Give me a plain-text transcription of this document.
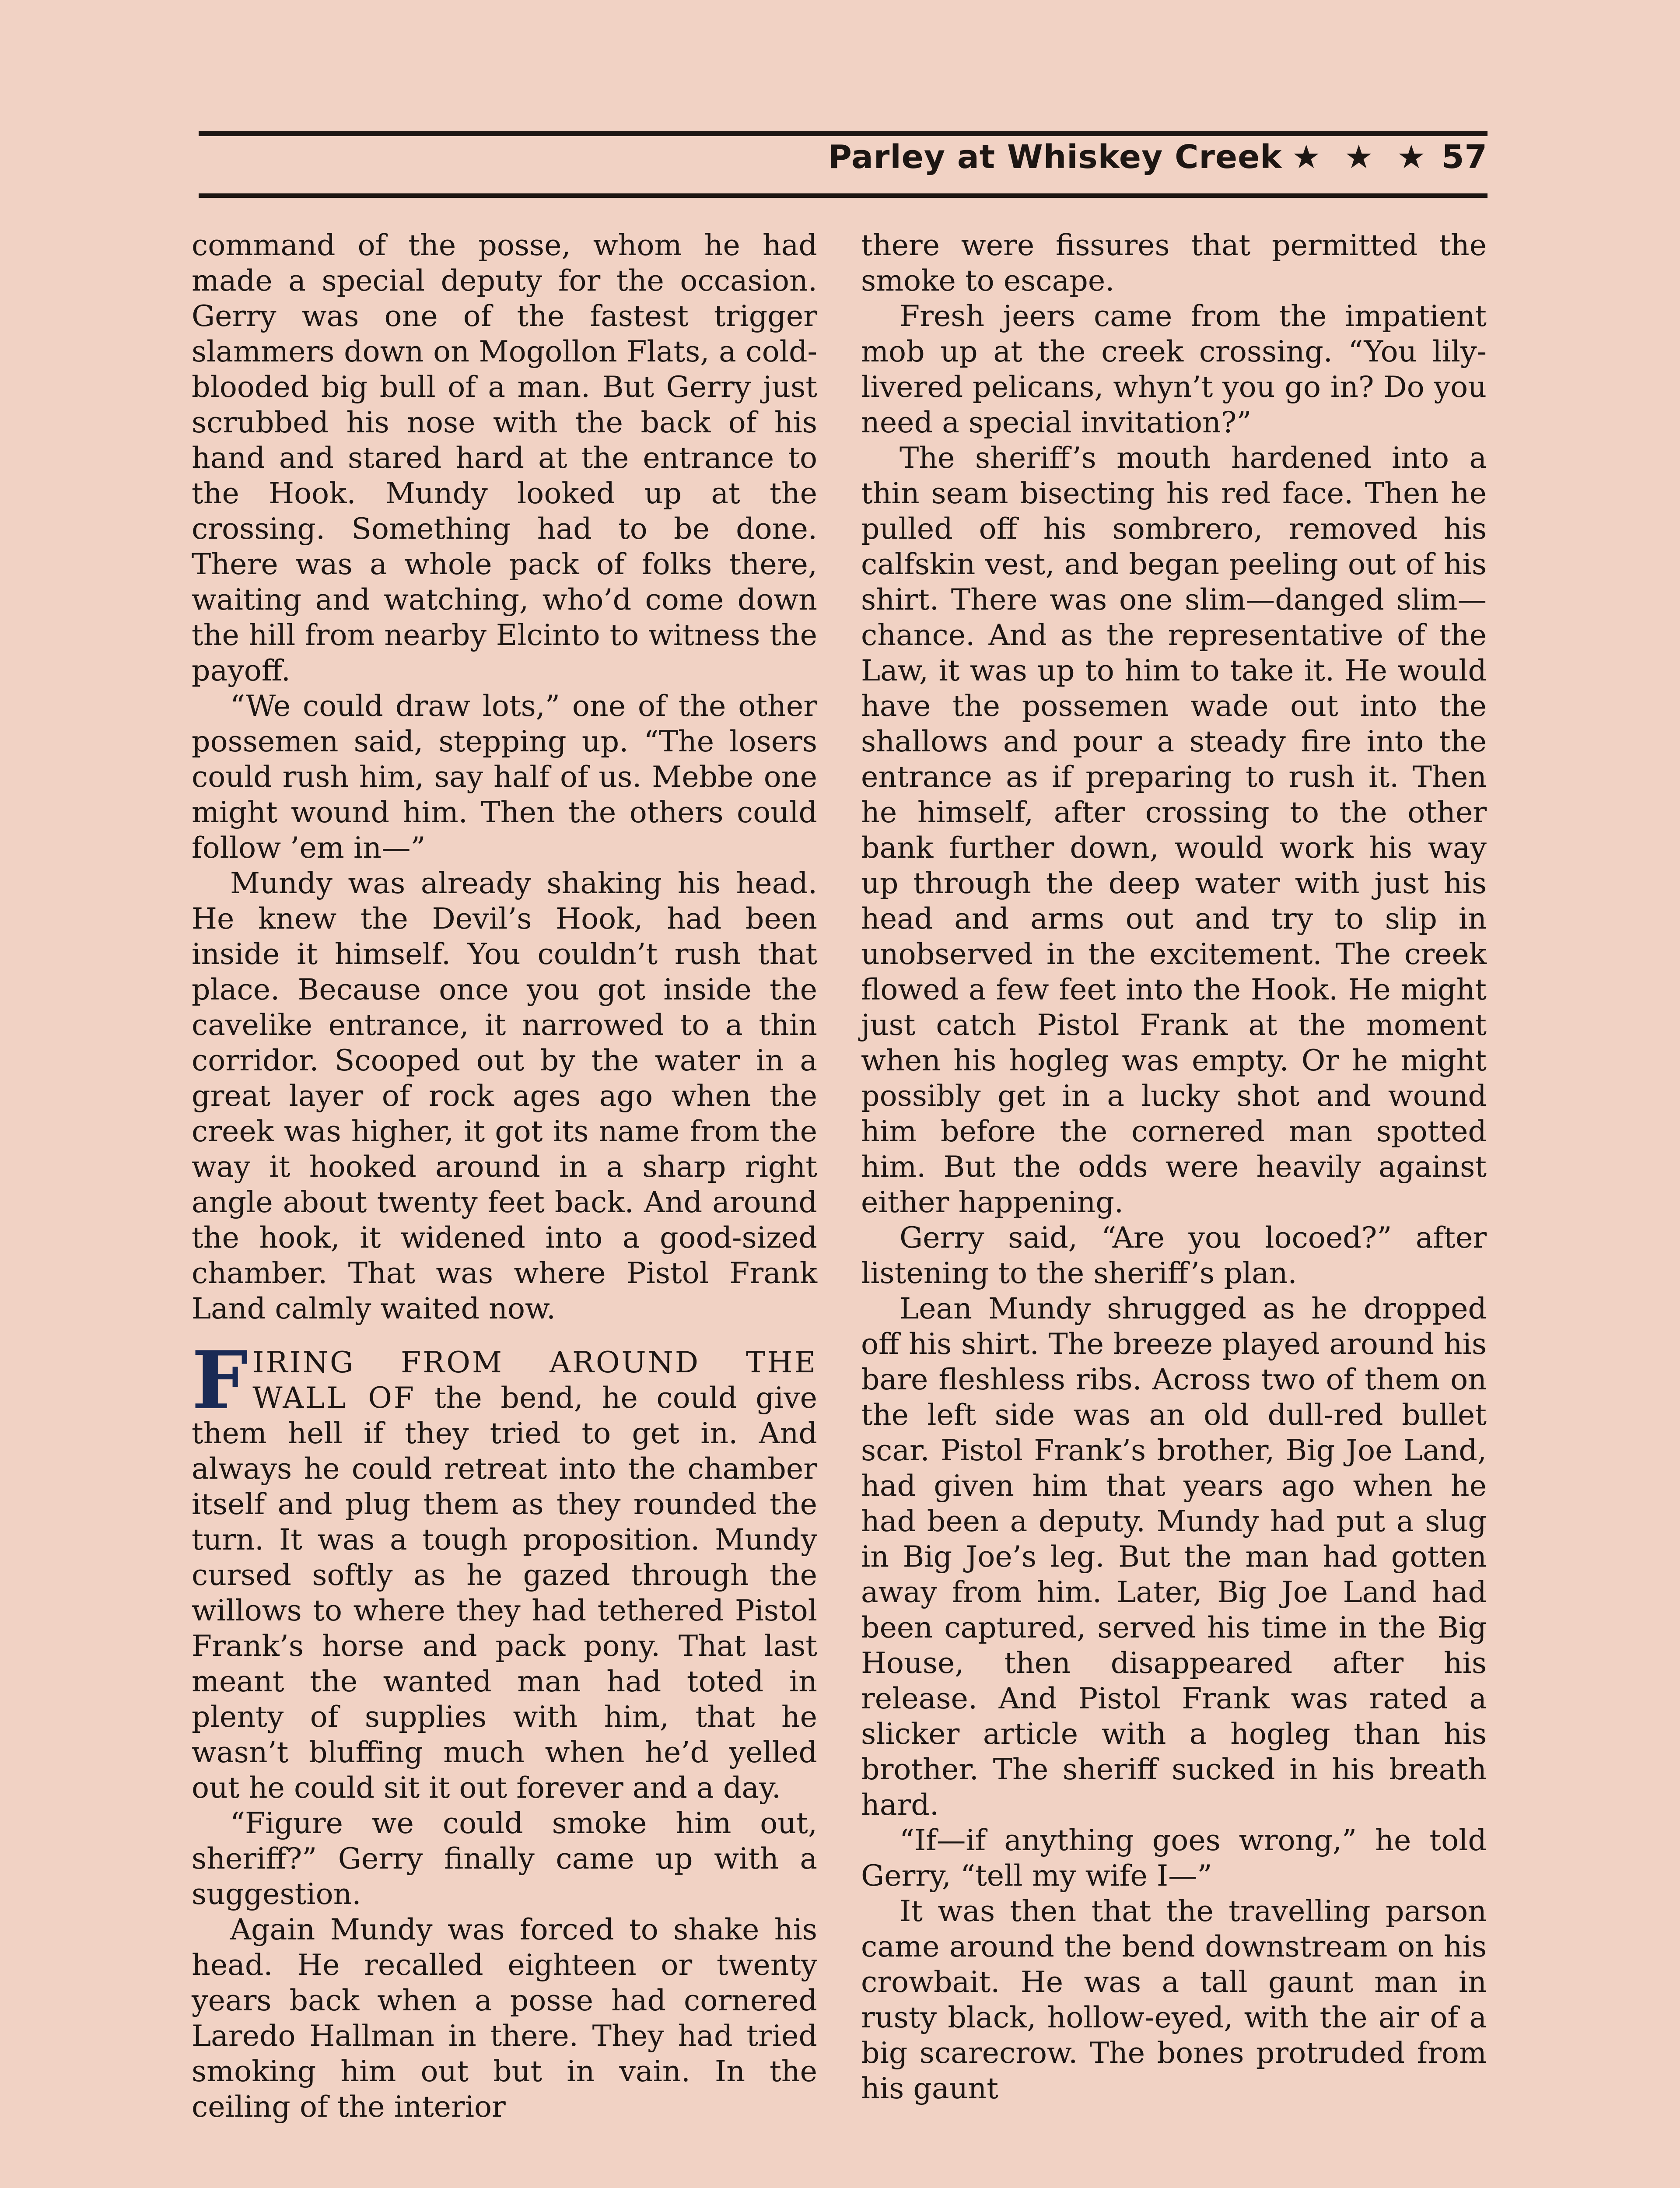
Parley at Whiskey Creek ★ ★ ★ 57

command of the posse, whom he had made a special deputy for the occasion. Gerry was one of the fastest trigger slammers down on Mogollon Flats, a cold-blooded big bull of a man. But Gerry just scrubbed his nose with the back of his hand and stared hard at the entrance to the Hook. Mundy looked up at the crossing. Something had to be done. There was a whole pack of folks there, waiting and watching, who’d come down the hill from nearby Elcinto to witness the payoff.

“We could draw lots,” one of the other possemen said, stepping up. “The losers could rush him, say half of us. Mebbe one might wound him. Then the others could follow ’em in—”

Mundy was already shaking his head. He knew the Devil’s Hook, had been inside it himself. You couldn’t rush that place. Because once you got inside the cavelike entrance, it narrowed to a thin corridor. Scooped out by the water in a great layer of rock ages ago when the creek was higher, it got its name from the way it hooked around in a sharp right angle about twenty feet back. And around the hook, it widened into a good-sized chamber. That was where Pistol Frank Land calmly waited now.

FIRING FROM AROUND THE WALL OF the bend, he could give them hell if they tried to get in. And always he could retreat into the chamber itself and plug them as they rounded the turn. It was a tough proposition. Mundy cursed softly as he gazed through the willows to where they had tethered Pistol Frank’s horse and pack pony. That last meant the wanted man had toted in plenty of supplies with him, that he wasn’t bluffing much when he’d yelled out he could sit it out forever and a day.

“Figure we could smoke him out, sheriff?” Gerry finally came up with a suggestion.

Again Mundy was forced to shake his head. He recalled eighteen or twenty years back when a posse had cornered Laredo Hallman in there. They had tried smoking him out but in vain. In the ceiling of the interior

there were fissures that permitted the smoke to escape.

Fresh jeers came from the impatient mob up at the creek crossing. “You lily-livered pelicans, whyn’t you go in? Do you need a special invitation?”

The sheriff’s mouth hardened into a thin seam bisecting his red face. Then he pulled off his sombrero, removed his calfskin vest, and began peeling out of his shirt. There was one slim—danged slim—chance. And as the representative of the Law, it was up to him to take it. He would have the possemen wade out into the shallows and pour a steady fire into the entrance as if preparing to rush it. Then he himself, after crossing to the other bank further down, would work his way up through the deep water with just his head and arms out and try to slip in unobserved in the excitement. The creek flowed a few feet into the Hook. He might just catch Pistol Frank at the moment when his hogleg was empty. Or he might possibly get in a lucky shot and wound him before the cornered man spotted him. But the odds were heavily against either happening.

Gerry said, “Are you locoed?” after listening to the sheriff’s plan.

Lean Mundy shrugged as he dropped off his shirt. The breeze played around his bare fleshless ribs. Across two of them on the left side was an old dull-red bullet scar. Pistol Frank’s brother, Big Joe Land, had given him that years ago when he had been a deputy. Mundy had put a slug in Big Joe’s leg. But the man had gotten away from him. Later, Big Joe Land had been captured, served his time in the Big House, then disappeared after his release. And Pistol Frank was rated a slicker article with a hogleg than his brother. The sheriff sucked in his breath hard.

“If—if anything goes wrong,” he told Gerry, “tell my wife I—”

It was then that the travelling parson came around the bend downstream on his crowbait. He was a tall gaunt man in rusty black, hollow-eyed, with the air of a big scarecrow. The bones protruded from his gaunt
